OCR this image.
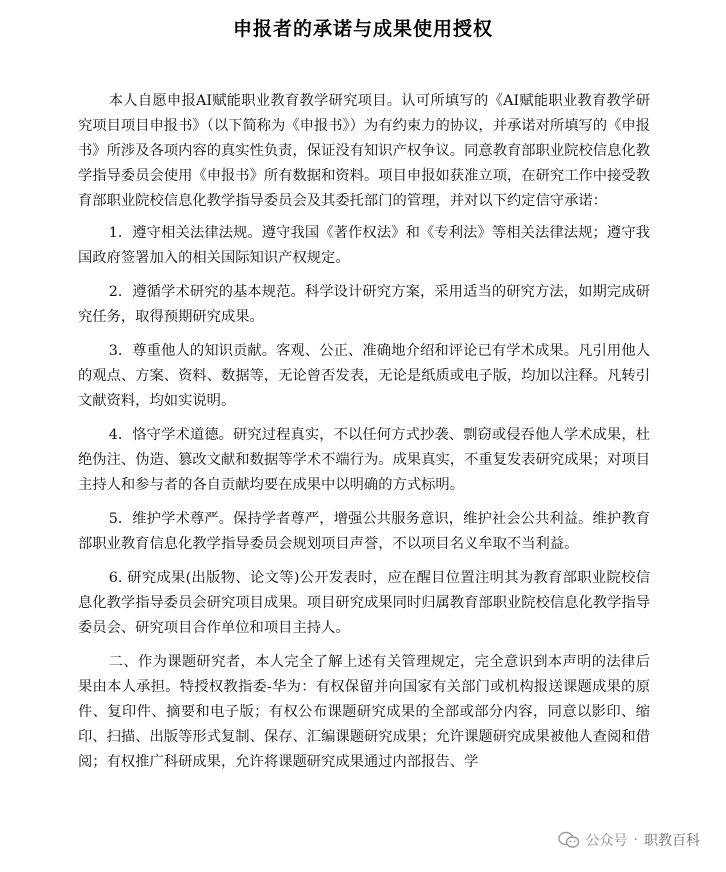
申报者的承诺与成果使用授权

本人自愿申报AI赋能职业教育教学研究项目。认可所填写的《AI赋能职业教育教学研究项目项目申报书》（以下简称为《申报书》）为有约束力的协议，并承诺对所填写的《申报书》所涉及各项内容的真实性负责，保证没有知识产权争议。同意教育部职业院校信息化教学指导委员会使用《申报书》所有数据和资料。项目申报如获准立项，在研究工作中接受教育部职业院校信息化教学指导委员会及其委托部门的管理，并对以下约定信守承诺：

1．遵守相关法律法规。遵守我国《著作权法》和《专利法》等相关法律法规；遵守我国政府签署加入的相关国际知识产权规定。

2．遵循学术研究的基本规范。科学设计研究方案，采用适当的研究方法，如期完成研究任务，取得预期研究成果。

3．尊重他人的知识贡献。客观、公正、准确地介绍和评论已有学术成果。凡引用他人的观点、方案、资料、数据等，无论曾否发表，无论是纸质或电子版，均加以注释。凡转引文献资料，均如实说明。

4．恪守学术道德。研究过程真实，不以任何方式抄袭、剽窃或侵吞他人学术成果，杜绝伪注、伪造、篡改文献和数据等学术不端行为。成果真实，不重复发表研究成果；对项目主持人和参与者的各自贡献均要在成果中以明确的方式标明。

5．维护学术尊严。保持学者尊严，增强公共服务意识，维护社会公共利益。维护教育部职业教育信息化教学指导委员会规划项目声誉，不以项目名义牟取不当利益。

6. 研究成果(出版物、论文等)公开发表时，应在醒目位置注明其为教育部职业院校信息化教学指导委员会研究项目成果。项目研究成果同时归属教育部职业院校信息化教学指导委员会、研究项目合作单位和项目主持人。

二、作为课题研究者，本人完全了解上述有关管理规定，完全意识到本声明的法律后果由本人承担。特授权教指委-华为：有权保留并向国家有关部门或机构报送课题成果的原件、复印件、摘要和电子版；有权公布课题研究成果的全部或部分内容，同意以影印、缩印、扫描、出版等形式复制、保存、汇编课题研究成果；允许课题研究成果被他人查阅和借阅；有权推广科研成果，允许将课题研究成果通过内部报告、学

公众号 · 职教百科
